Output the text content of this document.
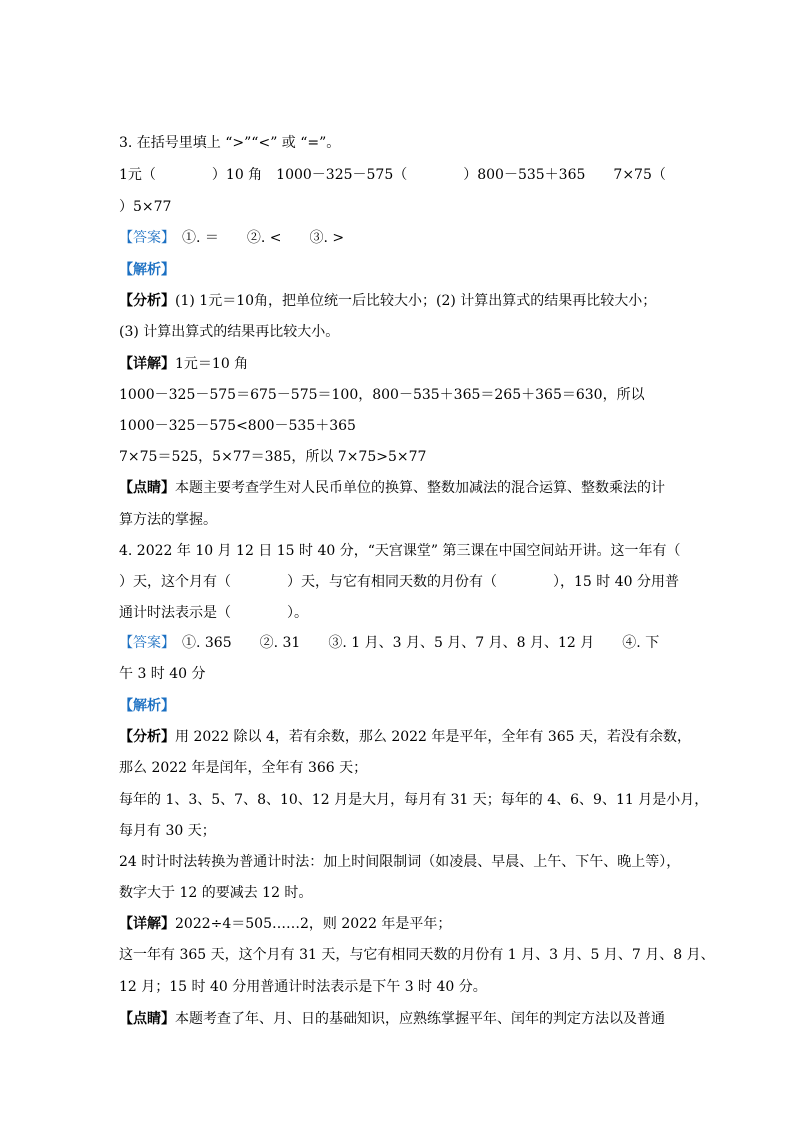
3. 在括号里填上 “>”“<” 或 “=”。
1元（　　　　）10 角　1000－325－575（　　　　）800－535＋365　　7×75（
）5×77
【答案】　①. ＝　　②. <　　③. >
【解析】
【分析】(1) 1元＝10角，把单位统一后比较大小；(2) 计算出算式的结果再比较大小；
(3) 计算出算式的结果再比较大小。
【详解】1元＝10 角
1000－325－575＝675－575＝100，800－535＋365＝265＋365＝630，所以
1000－325－575<800－535＋365
7×75＝525，5×77＝385，所以 7×75>5×77
【点睛】本题主要考查学生对人民币单位的换算、整数加减法的混合运算、整数乘法的计
算方法的掌握。
4. 2022 年 10 月 12 日 15 时 40 分，“天宫课堂” 第三课在中国空间站开讲。这一年有（
）天，这个月有（　　　　）天，与它有相同天数的月份有（　　　　），15 时 40 分用普
通计时法表示是（　　　　）。
【答案】　①. 365　　②. 31　　③. 1 月、3 月、5 月、7 月、8 月、12 月　　④. 下
午 3 时 40 分
【解析】
【分析】用 2022 除以 4，若有余数，那么 2022 年是平年，全年有 365 天，若没有余数，
那么 2022 年是闰年，全年有 366 天；
每年的 1、3、5、7、8、10、12 月是大月，每月有 31 天；每年的 4、6、9、11 月是小月，
每月有 30 天；
24 时计时法转换为普通计时法：加上时间限制词（如凌晨、早晨、上午、下午、晚上等），
数字大于 12 的要减去 12 时。
【详解】2022÷4＝505……2，则 2022 年是平年；
这一年有 365 天，这个月有 31 天，与它有相同天数的月份有 1 月、3 月、5 月、7 月、8 月、
12 月；15 时 40 分用普通计时法表示是下午 3 时 40 分。
【点睛】本题考查了年、月、日的基础知识，应熟练掌握平年、闰年的判定方法以及普通
